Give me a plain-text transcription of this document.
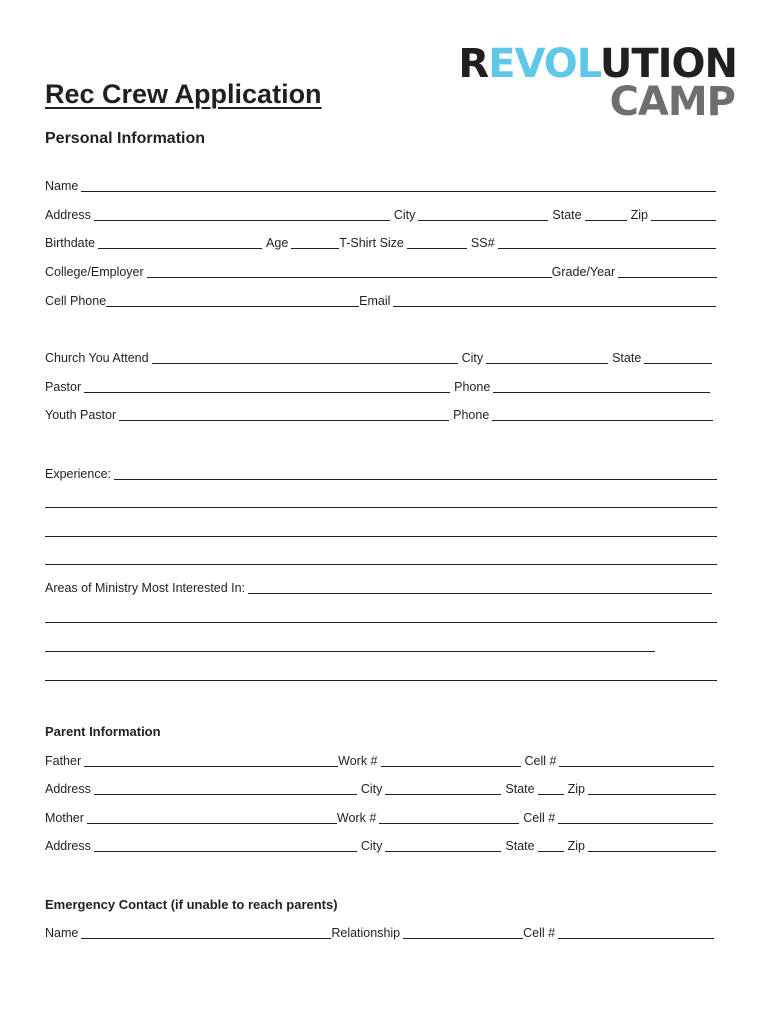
REVOLUTION
CAMP
Rec Crew Application
Personal Information
Name
Address	City	State	Zip
Birthdate	Age	T-Shirt Size	SS#
College/Employer	Grade/Year
Cell Phone	Email
Church You Attend	City	State
Pastor	Phone
Youth Pastor	Phone
Experience:
Areas of Ministry Most Interested In:
Parent Information
Father	Work #	Cell #
Address	City	State	Zip
Mother	Work #	Cell #
Address	City	State	Zip
Emergency Contact (if unable to reach parents)
Name	Relationship	Cell #
